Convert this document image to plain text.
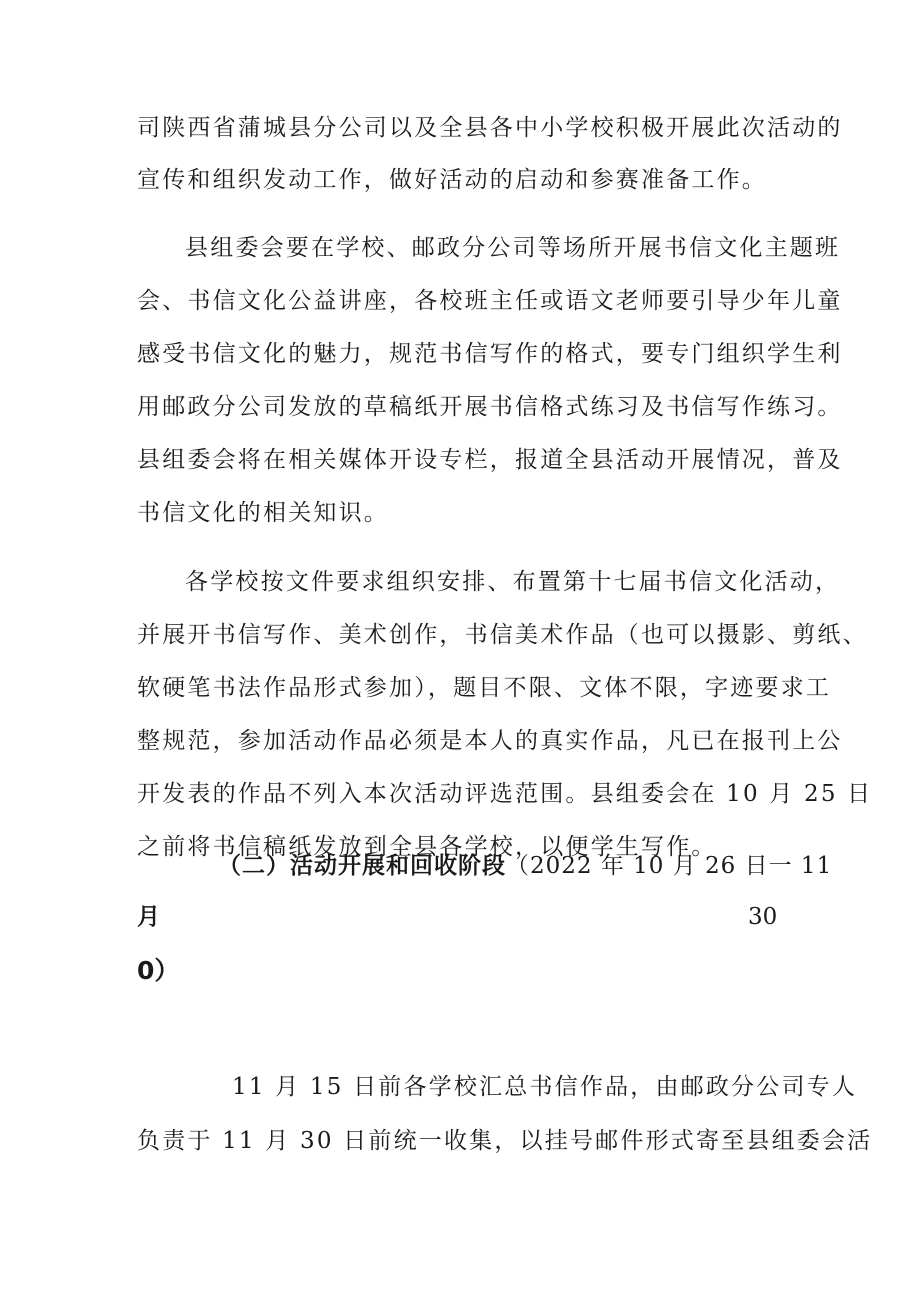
司陕西省蒲城县分公司以及全县各中小学校积极开展此次活动的
宣传和组织发动工作，做好活动的启动和参赛准备工作。
县组委会要在学校、邮政分公司等场所开展书信文化主题班
会、书信文化公益讲座，各校班主任或语文老师要引导少年儿童
感受书信文化的魅力，规范书信写作的格式，要专门组织学生利
用邮政分公司发放的草稿纸开展书信格式练习及书信写作练习。
县组委会将在相关媒体开设专栏，报道全县活动开展情况，普及
书信文化的相关知识。
各学校按文件要求组织安排、布置第十七届书信文化活动，
并展开书信写作、美术创作，书信美术作品（也可以摄影、剪纸、
软硬笔书法作品形式参加），题目不限、文体不限，字迹要求工
整规范，参加活动作品必须是本人的真实作品，凡已在报刊上公
开发表的作品不列入本次活动评选范围。县组委会在 10 月 25 日
之前将书信稿纸发放到全县各学校，以便学生写作。
（二）活动开展和回收阶段（2022 年 10 月 26 日一 11
月	30
0）
11 月 15 日前各学校汇总书信作品，由邮政分公司专人
负责于 11 月 30 日前统一收集，以挂号邮件形式寄至县组委会活
